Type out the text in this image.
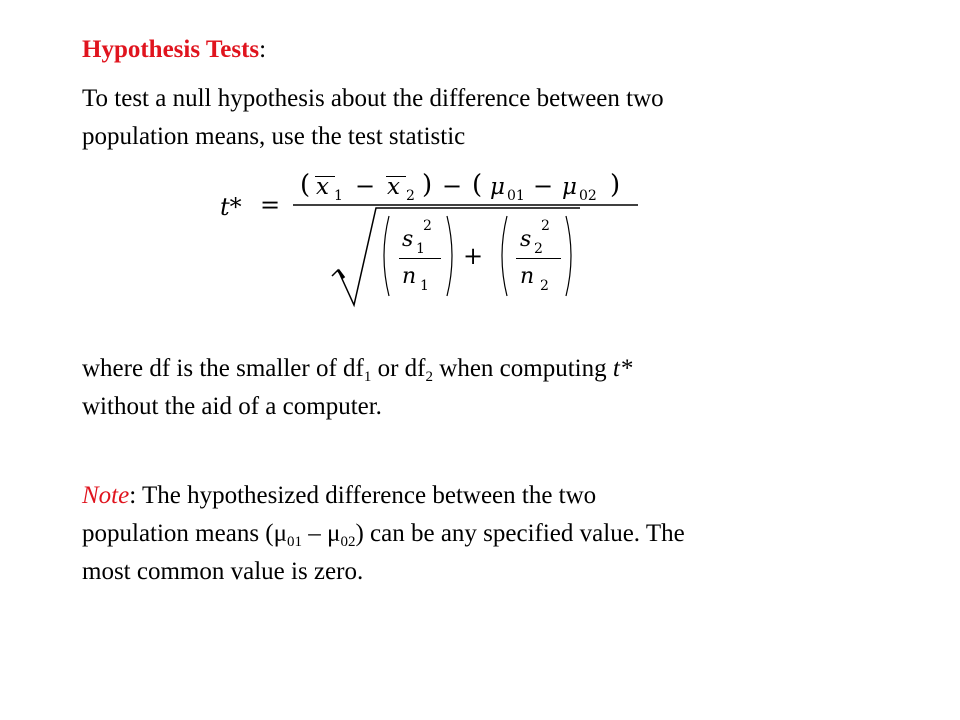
Hypothesis Tests:
To test a null hypothesis about the difference between two
population means, use the test statistic
t* =
( x 1 − x 2 ) − ( μ 01 − μ 02 )
s
2
1
n 1
+
s
2
2
n 2
where df is the smaller of $df_1$ or $df_2$ when computing t*
without the aid of a computer.
Note: The hypothesized difference between the two
population means $(\mu_{01} - \mu_{02})$ can be any specified value. The
most common value is zero.
